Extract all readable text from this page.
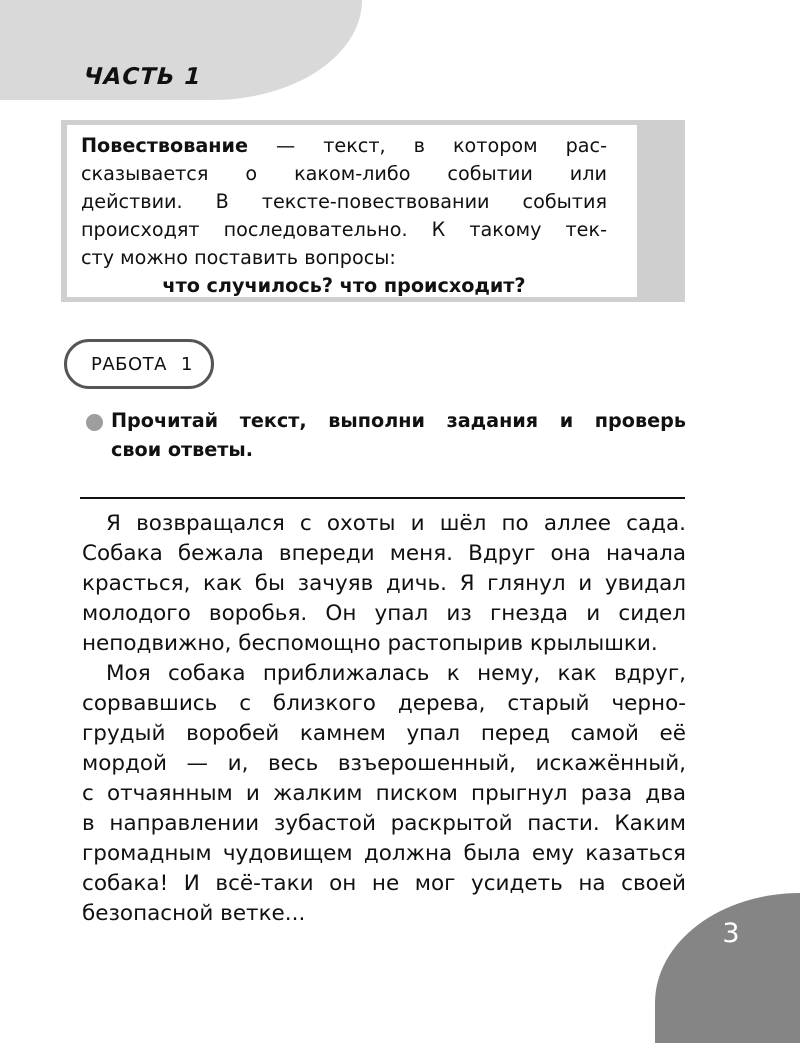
ЧАСТЬ 1
Повествование — текст, в котором рас-
сказывается о каком-либо событии или
действии. В тексте-повествовании события
происходят последовательно. К такому тек-
сту можно поставить вопросы:
что случилось? что происходит?
РАБОТА 1
Прочитай текст, выполни задания и проверь
свои ответы.
Я возвращался с охоты и шёл по аллее сада.
Собака бежала впереди меня. Вдруг она начала
красться, как бы зачуяв дичь. Я глянул и увидал
молодого воробья. Он упал из гнезда и сидел
неподвижно, беспомощно растопырив крылышки.
Моя собака приближалась к нему, как вдруг,
сорвавшись с близкого дерева, старый черно-
грудый воробей камнем упал перед самой её
мордой — и, весь взъерошенный, искажённый,
с отчаянным и жалким писком прыгнул раза два
в направлении зубастой раскрытой пасти. Каким
громадным чудовищем должна была ему казаться
собака! И всё-таки он не мог усидеть на своей
безопасной ветке...
3
